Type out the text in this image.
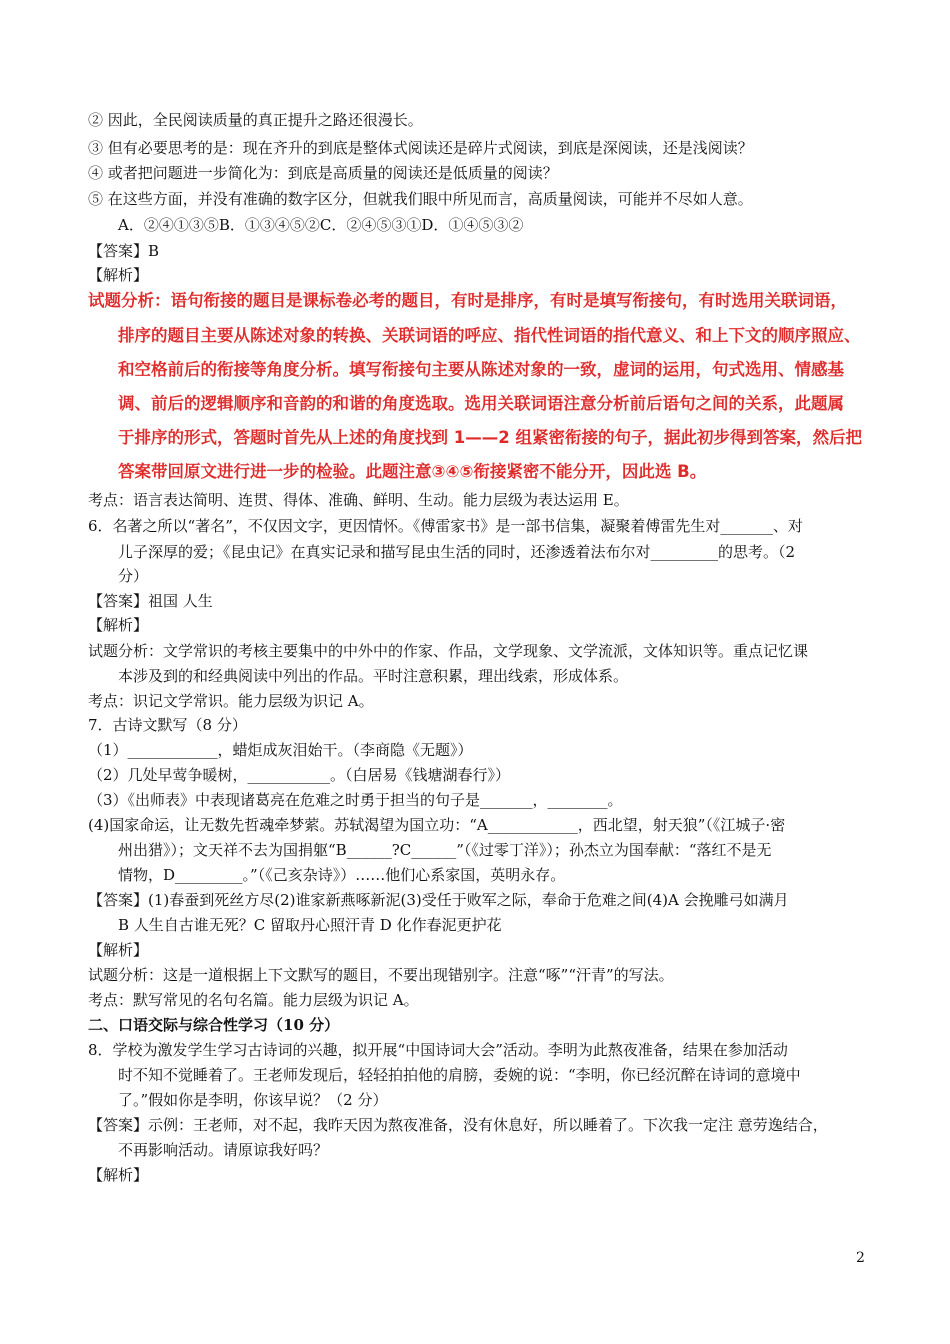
② 因此，全民阅读质量的真正提升之路还很漫长。
③ 但有必要思考的是：现在齐升的到底是整体式阅读还是碎片式阅读，到底是深阅读，还是浅阅读？
④ 或者把问题进一步简化为：到底是高质量的阅读还是低质量的阅读？
⑤ 在这些方面，并没有准确的数字区分，但就我们眼中所见而言，高质量阅读，可能并不尽如人意。
A．②④①③⑤B．①③④⑤②C．②④⑤③①D．①④⑤③②
【答案】B
【解析】
试题分析：语句衔接的题目是课标卷必考的题目，有时是排序，有时是填写衔接句，有时选用关联词语，
排序的题目主要从陈述对象的转换、关联词语的呼应、指代性词语的指代意义、和上下文的顺序照应、
和空格前后的衔接等角度分析。填写衔接句主要从陈述对象的一致，虚词的运用，句式选用、情感基
调、前后的逻辑顺序和音韵的和谐的角度选取。选用关联词语注意分析前后语句之间的关系，此题属
于排序的形式，答题时首先从上述的角度找到 1——2 组紧密衔接的句子，据此初步得到答案，然后把
答案带回原文进行进一步的检验。此题注意③④⑤衔接紧密不能分开，因此选 B。
考点：语言表达简明、连贯、得体、准确、鲜明、生动。能力层级为表达运用 E。
6．名著之所以“著名”，不仅因文字，更因情怀。《傅雷家书》是一部书信集，凝聚着傅雷先生对_______、对
儿子深厚的爱；《昆虫记》在真实记录和描写昆虫生活的同时，还渗透着法布尔对_________的思考。（2
分）
【答案】祖国 人生
【解析】
试题分析：文学常识的考核主要集中的中外中的作家、作品，文学现象、文学流派，文体知识等。重点记忆课
本涉及到的和经典阅读中列出的作品。平时注意积累，理出线索，形成体系。
考点：识记文学常识。能力层级为识记 A。
7．古诗文默写（8 分）
（1）____________，蜡炬成灰泪始干。（李商隐《无题》）
（2）几处早莺争暖树，___________。（白居易《钱塘湖春行》）
（3）《出师表》中表现诸葛亮在危难之时勇于担当的句子是_______，________。
(4)国家命运，让无数先哲魂牵梦萦。苏轼渴望为国立功：“A____________，西北望，射天狼”（《江城子·密
州出猎》）；文天祥不去为国捐躯“B______?C______”（《过零丁洋》）；孙杰立为国奉献：“落红不是无
情物，D_________。”（《己亥杂诗》）……他们心系家国，英明永存。
【答案】(1)春蚕到死丝方尽(2)谁家新燕啄新泥(3)受任于败军之际，奉命于危难之间(4)A 会挽雕弓如满月
B 人生自古谁无死？C 留取丹心照汗青 D 化作春泥更护花
【解析】
试题分析：这是一道根据上下文默写的题目，不要出现错别字。注意“啄”“汗青”的写法。
考点：默写常见的名句名篇。能力层级为识记 A。
二、口语交际与综合性学习（10 分）
8．学校为激发学生学习古诗词的兴趣，拟开展“中国诗词大会”活动。李明为此熬夜准备，结果在参加活动
时不知不觉睡着了。王老师发现后，轻轻拍拍他的肩膀，委婉的说：“李明，你已经沉醉在诗词的意境中
了。”假如你是李明，你该早说？（2 分）
【答案】示例：王老师，对不起，我昨天因为熬夜准备，没有休息好，所以睡着了。下次我一定注 意劳逸结合，
不再影响活动。请原谅我好吗？
【解析】
2
